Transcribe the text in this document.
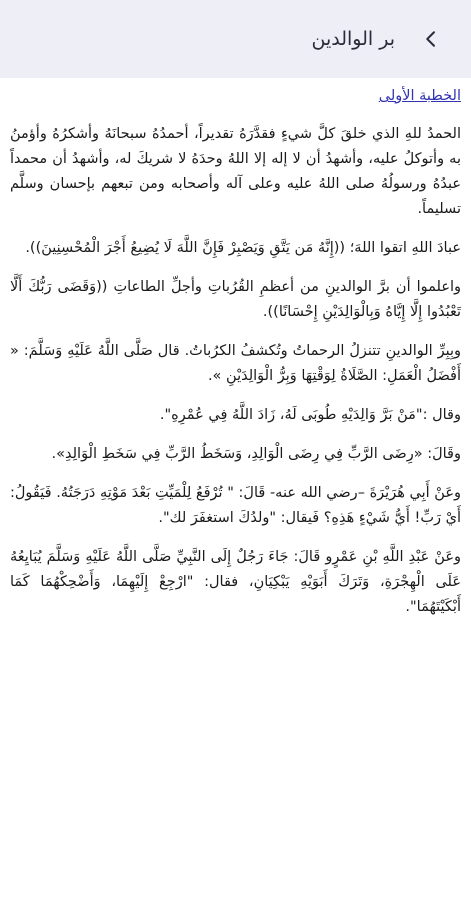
بر الوالدين
الخطبة الأولى

الحمدُ للهِ الذي خلقَ كلَّ شيءٍ فقدَّرَهُ تقديراً، أحمدُهُ سبحانَهُ وأشكرُهُ وأؤمنُ به وأتوكلُ عليه، وأشهدُ أن لا إله إلا اللهُ وحدَهُ لا شريكَ له، وأشهدُ أن محمداً عبدُهُ ورسولُهُ صلى اللهُ عليه وعلى آله وأصحابه ومن تبعهم بإحسان وسلَّم تسليماً.

عبادَ اللهِ اتقوا اللهَ؛ ((إِنَّهُ مَن يَتَّقِ وَيَصْبِرْ فَإِنَّ اللَّهَ لَا يُضِيعُ أَجْرَ الْمُحْسِنِينَ)).

واعلموا أن برَّ الوالدينِ من أعظمِ القُرُباتِ وأجلِّ الطاعاتِ ((وَقَضَى رَبُّكَ أَلَّا تَعْبُدُوا إِلَّا إِيَّاهُ وَبِالْوَالِدَيْنِ إِحْسَانًا)).

وبِبِرِّ الوالدينِ تتنزلُ الرحماتُ وتُكشفُ الكرُباتُ. قال صَلَّى اللَّهُ عَلَيْهِ وَسَلَّمَ: « أَفْضَلُ الْعَمَلِ: الصَّلَاةُ لِوَقْتِهَا وَبِرُّ الْوَالِدَيْنِ ».

وقال :"مَنْ بَرَّ وَالِدَيْهِ طُوبَى لَهُ، زَادَ اللَّهُ فِي عُمْرِهِ".

وقَالَ: «رِضَى الرَّبِّ فِي رِضَى الْوَالِدِ، وَسَخَطُ الرَّبِّ فِي سَخَطِ الْوَالِدِ».

وعَنْ أَبِي هُرَيْرَةَ –رضي الله عنه- قَالَ: " تُرْفَعُ لِلْمَيِّتِ بَعْدَ مَوْتِهِ دَرَجَتُهُ. فَيَقُولُ: أَيْ رَبِّ! أَيُّ شَيْءٍ هَذِهِ؟ فَيقال: "ولدُكَ استغفَرَ لك".

وعَنْ عَبْدِ اللَّهِ بْنِ عَمْرٍو قَالَ: جَاءَ رَجُلٌ إِلَى النَّبِيِّ صَلَّى اللَّهُ عَلَيْهِ وَسَلَّمَ يُبَايِعُهُ عَلَى الْهِجْرَةِ، وَتَرَكَ أَبَوَيْهِ يَبْكِيَانِ، فقال: "ارْجِعْ إِلَيْهِمَا، وَأَضْحِكْهُمَا كَمَا أَبْكَيْتَهُمَا".
